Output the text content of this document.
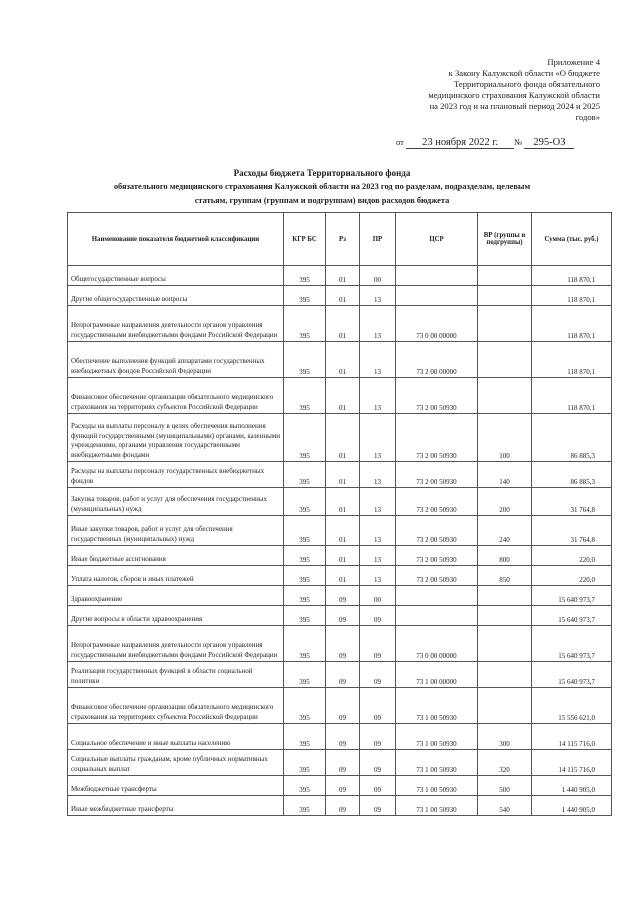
Приложение 4
к Закону Калужской области «О бюджете
Территориального фонда обязательного
медицинского страхования Калужской области
на 2023 год и на плановый период 2024 и 2025
годов»
от 23 ноября 2022 г. № 295-ОЗ
Расходы бюджета Территориального фонда
обязательного медицинского страхования Калужской области на 2023 год по разделам, подразделам, целевым
статьям, группам (группам и подгруппам) видов расходов бюджета
Наименование показателя бюджетной классификации	КГР БС	Рз	ПР	ЦСР	ВР (группы и подгруппы)	Сумма (тыс. руб.)
Общегосударственные вопросы	395	01	00			118 870,1
Другие общегосударственные вопросы	395	01	13			118 870,1
Непрограммные направления деятельности органов управления государственными внебюджетными фондами Российской Федерации	395	01	13	73 0 00 00000		118 870,1
Обеспечение выполнения функций аппаратами государственных внебюджетных фондов Российской Федерации	395	01	13	73 2 00 00000		118 870,1
Финансовое обеспечение организации обязательного медицинского страхования на территориях субъектов Российской Федерации	395	01	13	73 2 00 50930		118 870,1
Расходы на выплаты персоналу в целях обеспечения выполнения функций государственными (муниципальными) органами, казенными учреждениями, органами управления государственными внебюджетными фондами	395	01	13	73 2 00 50930	100	86 885,3
Расходы на выплаты персоналу государственных внебюджетных фондов	395	01	13	73 2 00 50930	140	86 885,3
Закупка товаров, работ и услуг для обеспечения государственных (муниципальных) нужд	395	01	13	73 2 00 50930	200	31 764,8
Иные закупки товаров, работ и услуг для обеспечения государственных (муниципальных) нужд	395	01	13	73 2 00 50930	240	31 764,8
Иные бюджетные ассигнования	395	01	13	73 2 00 50930	800	220,0
Уплата налогов, сборов и иных платежей	395	01	13	73 2 00 50930	850	220,0
Здравоохранение	395	09	00			15 640 973,7
Другие вопросы в области здравоохранения	395	09	09			15 640 973,7
Непрограммные направления деятельности органов управления государственными внебюджетными фондами Российской Федерации	395	09	09	73 0 00 00000		15 640 973,7
Реализация государственных функций в области социальной политики	395	09	09	73 1 00 00000		15 640 973,7
Финансовое обеспечение организации обязательного медицинского страхования на территориях субъектов Российской Федерации	395	09	09	73 1 00 50930		15 556 621,0
Социальное обеспечение и иные выплаты населению	395	09	09	73 1 00 50930	300	14 115 716,0
Социальные выплаты гражданам, кроме публичных нормативных социальных выплат	395	09	09	73 1 00 50930	320	14 115 716,0
Межбюджетные трансферты	395	09	09	73 1 00 50930	500	1 440 905,0
Иные межбюджетные трансферты	395	09	09	73 1 00 50930	540	1 440 905,0
